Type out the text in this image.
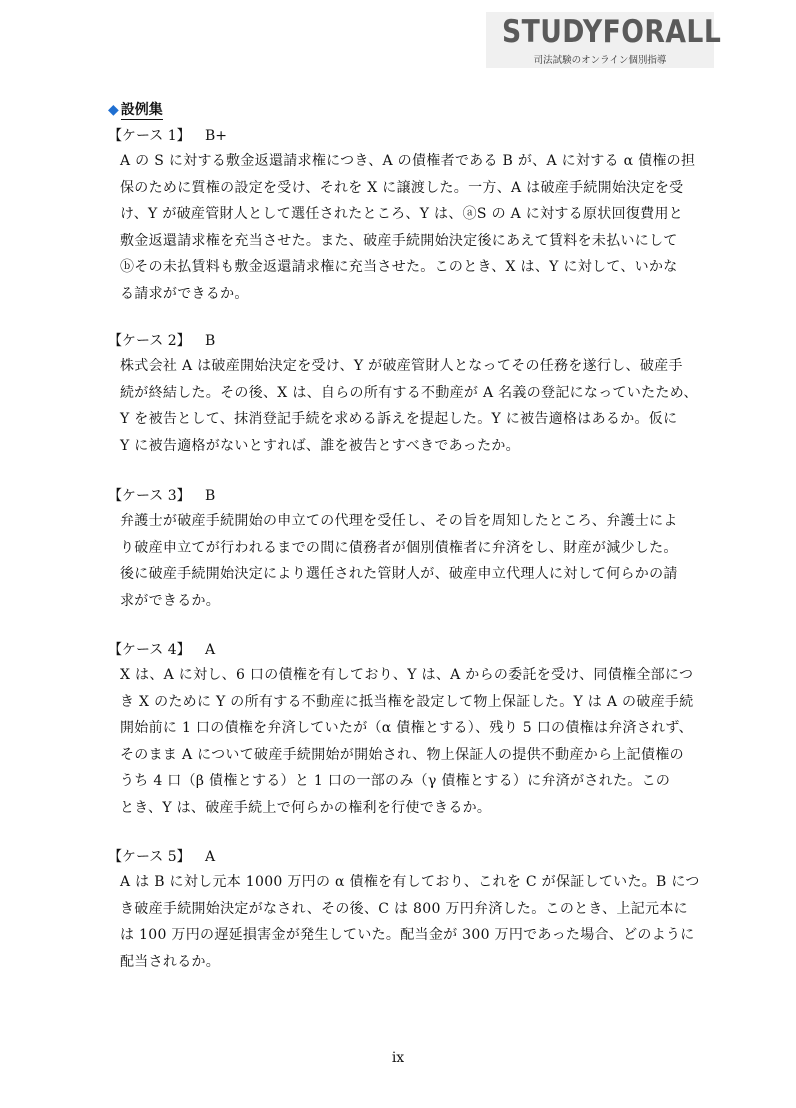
STUDYFORALL
司法試験のオンライン個別指導
◆ 設例集
【ケース 1】 B+
A の S に対する敷金返還請求権につき、A の債権者である B が、A に対する α 債権の担
保のために質権の設定を受け、それを X に譲渡した。一方、A は破産手続開始決定を受
け、Y が破産管財人として選任されたところ、Y は、ⓐS の A に対する原状回復費用と
敷金返還請求権を充当させた。また、破産手続開始決定後にあえて賃料を未払いにして
ⓑその未払賃料も敷金返還請求権に充当させた。このとき、X は、Y に対して、いかな
る請求ができるか。
【ケース 2】 B
株式会社 A は破産開始決定を受け、Y が破産管財人となってその任務を遂行し、破産手
続が終結した。その後、X は、自らの所有する不動産が A 名義の登記になっていたため、
Y を被告として、抹消登記手続を求める訴えを提起した。Y に被告適格はあるか。仮に
Y に被告適格がないとすれば、誰を被告とすべきであったか。
【ケース 3】 B
弁護士が破産手続開始の申立ての代理を受任し、その旨を周知したところ、弁護士によ
り破産申立てが行われるまでの間に債務者が個別債権者に弁済をし、財産が減少した。
後に破産手続開始決定により選任された管財人が、破産申立代理人に対して何らかの請
求ができるか。
【ケース 4】 A
X は、A に対し、6 口の債権を有しており、Y は、A からの委託を受け、同債権全部につ
き X のために Y の所有する不動産に抵当権を設定して物上保証した。Y は A の破産手続
開始前に 1 口の債権を弁済していたが（α 債権とする）、残り 5 口の債権は弁済されず、
そのまま A について破産手続開始が開始され、物上保証人の提供不動産から上記債権の
うち 4 口（β 債権とする）と 1 口の一部のみ（γ 債権とする）に弁済がされた。この
とき、Y は、破産手続上で何らかの権利を行使できるか。
【ケース 5】 A
A は B に対し元本 1000 万円の α 債権を有しており、これを C が保証していた。B につ
き破産手続開始決定がなされ、その後、C は 800 万円弁済した。このとき、上記元本に
は 100 万円の遅延損害金が発生していた。配当金が 300 万円であった場合、どのように
配当されるか。
ix
